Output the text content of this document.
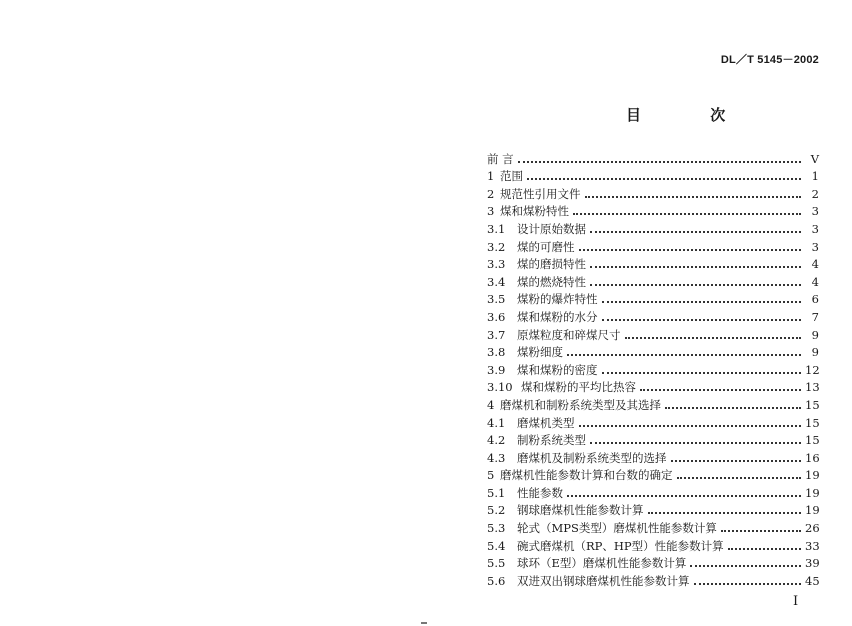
DL／T 5145－2002
目 次
前 言	Ⅴ
1 范围	1
2 规范性引用文件	2
3 煤和煤粉特性	3
3.1	设计原始数据	3
3.2	煤的可磨性	3
3.3	煤的磨损特性	4
3.4	煤的燃烧特性	4
3.5	煤粉的爆炸特性	6
3.6	煤和煤粉的水分	7
3.7	原煤粒度和碎煤尺寸	9
3.8	煤粉细度	9
3.9	煤和煤粉的密度	12
3.10 煤和煤粉的平均比热容	13
4 磨煤机和制粉系统类型及其选择	15
4.1	磨煤机类型	15
4.2	制粉系统类型	15
4.3	磨煤机及制粉系统类型的选择	16
5 磨煤机性能参数计算和台数的确定	19
5.1	性能参数	19
5.2	钢球磨煤机性能参数计算	19
5.3	轮式（MPS类型）磨煤机性能参数计算	26
5.4	碗式磨煤机（RP、HP型）性能参数计算	33
5.5	球环（E型）磨煤机性能参数计算	39
5.6	双进双出钢球磨煤机性能参数计算	45
I
